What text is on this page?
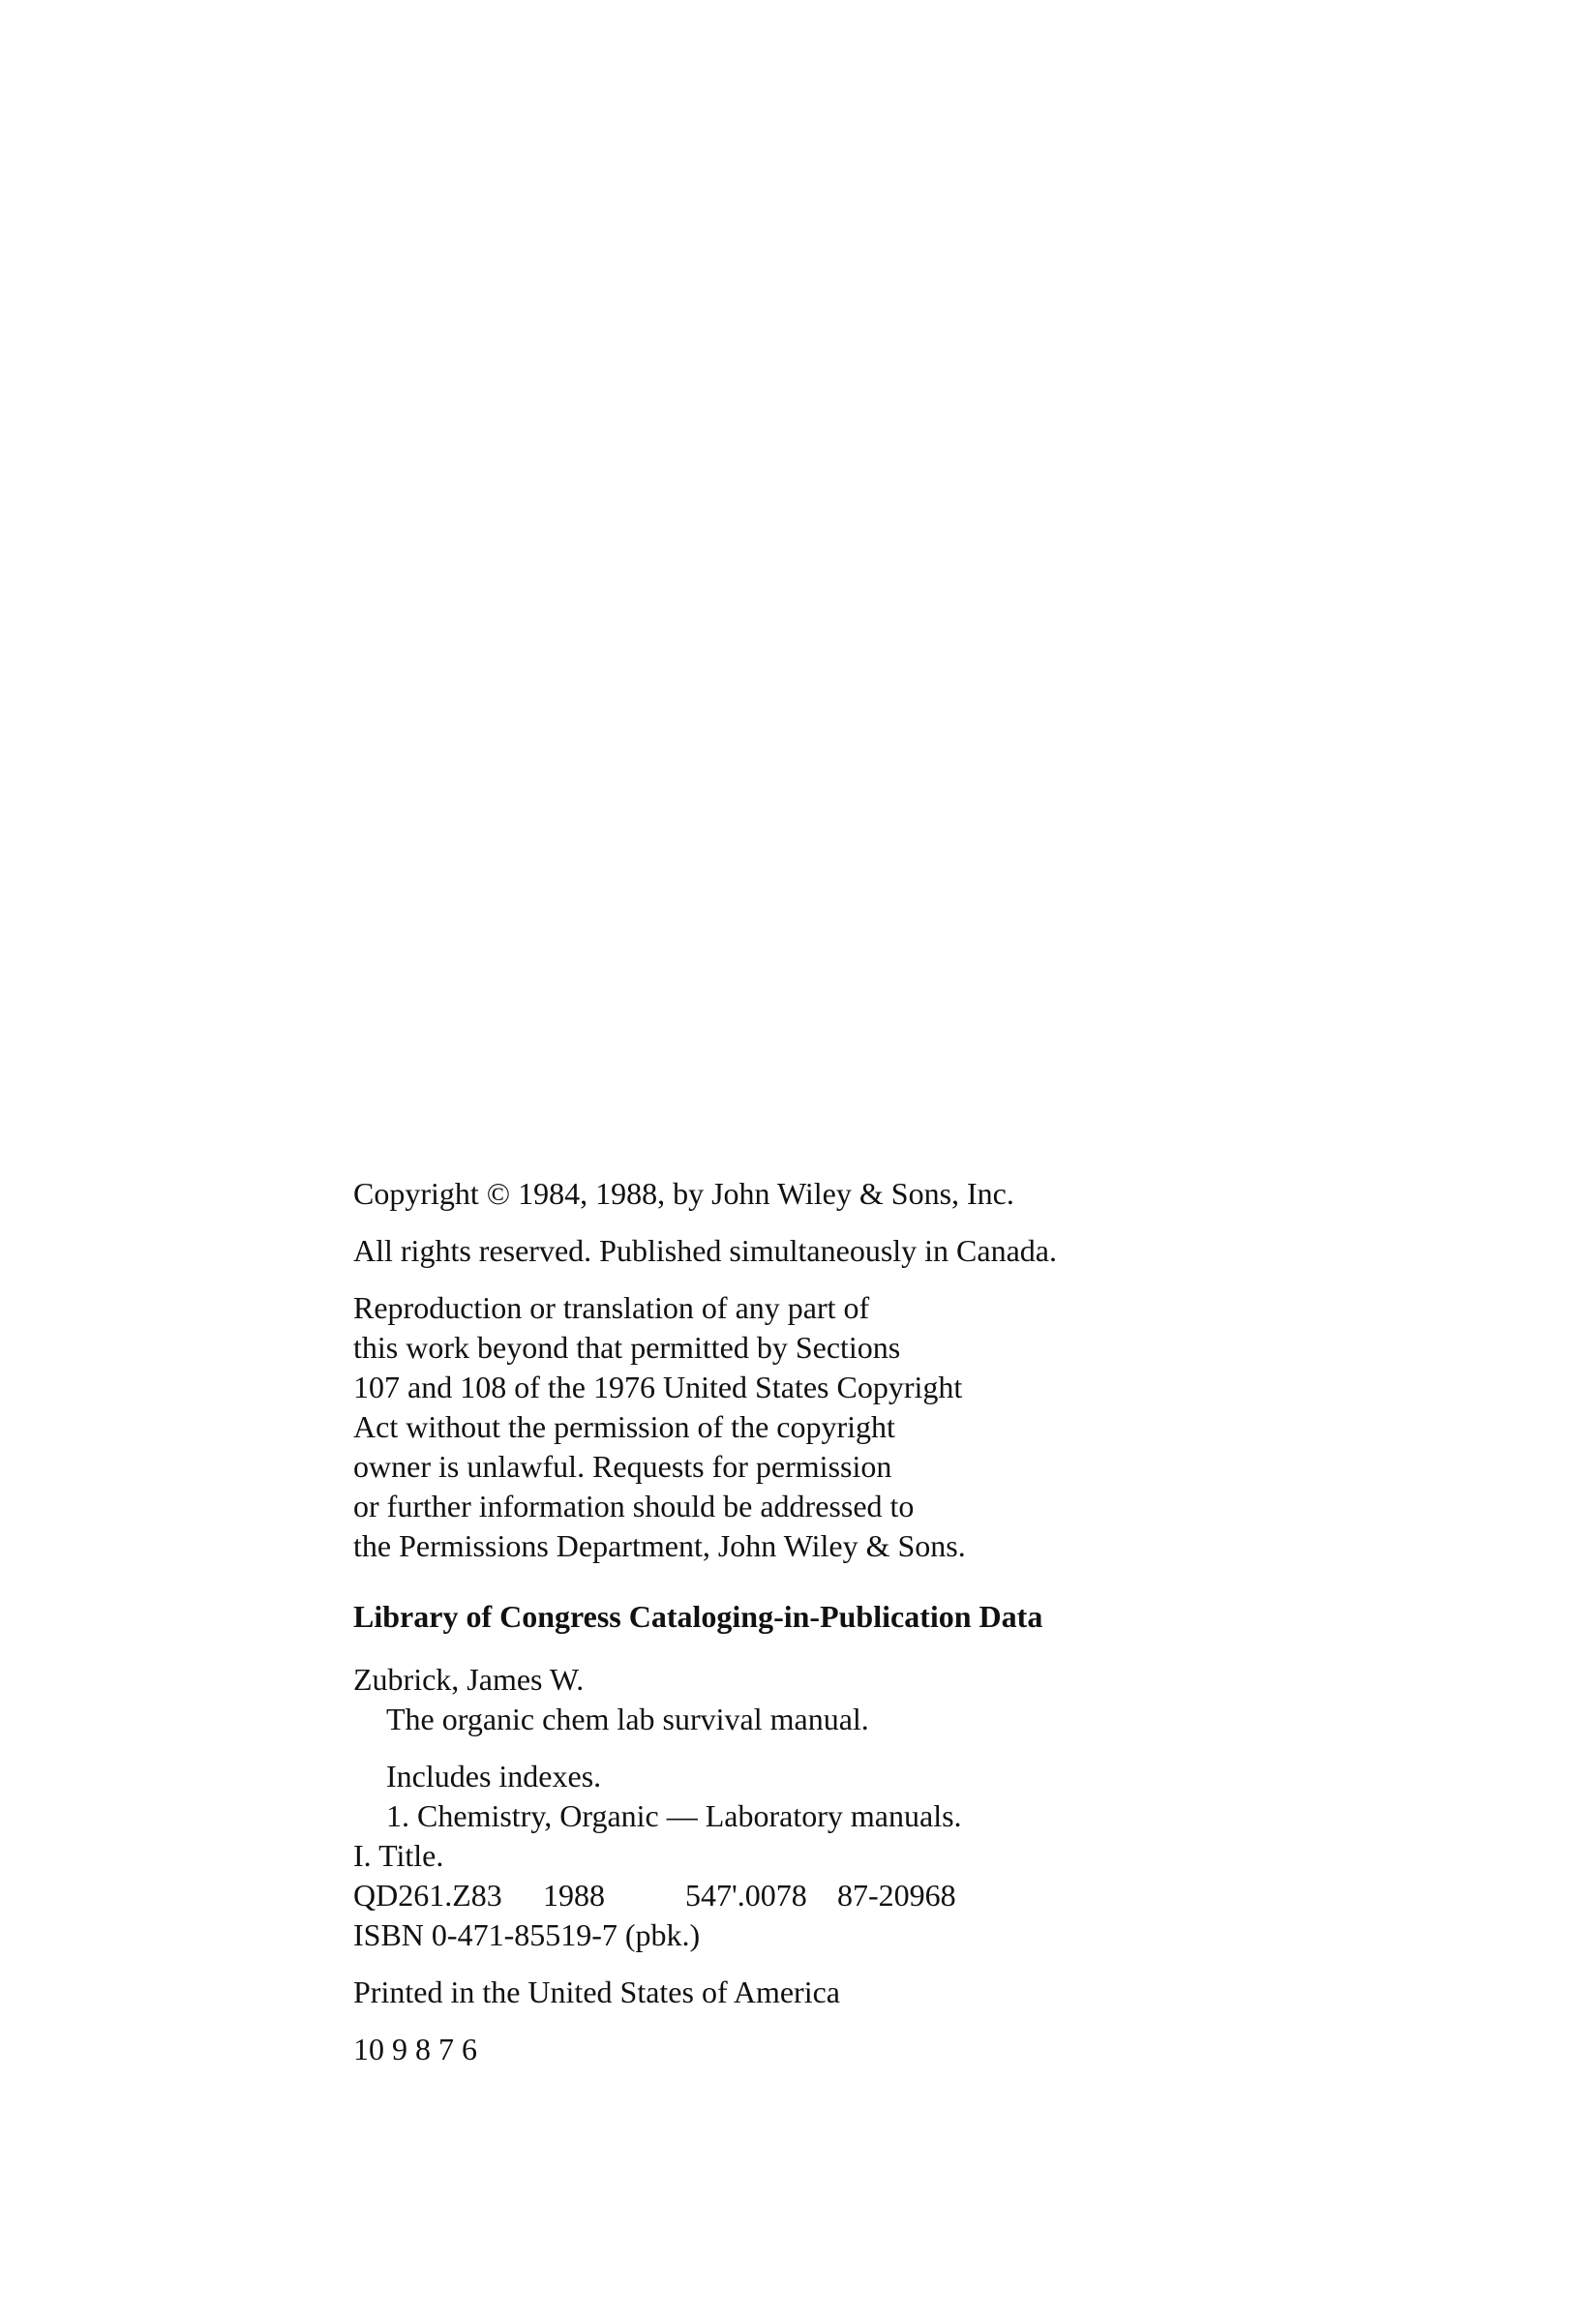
Copyright © 1984, 1988, by John Wiley & Sons, Inc.
All rights reserved. Published simultaneously in Canada.
Reproduction or translation of any part of
this work beyond that permitted by Sections
107 and 108 of the 1976 United States Copyright
Act without the permission of the copyright
owner is unlawful. Requests for permission
or further information should be addressed to
the Permissions Department, John Wiley & Sons.
Library of Congress Cataloging-in-Publication Data
Zubrick, James W.
The organic chem lab survival manual.
Includes indexes.
1. Chemistry, Organic — Laboratory manuals.
I. Title.
QD261.Z83	1988	547'.0078 87-20968
ISBN 0-471-85519-7 (pbk.)
Printed in the United States of America
10 9 8 7 6
